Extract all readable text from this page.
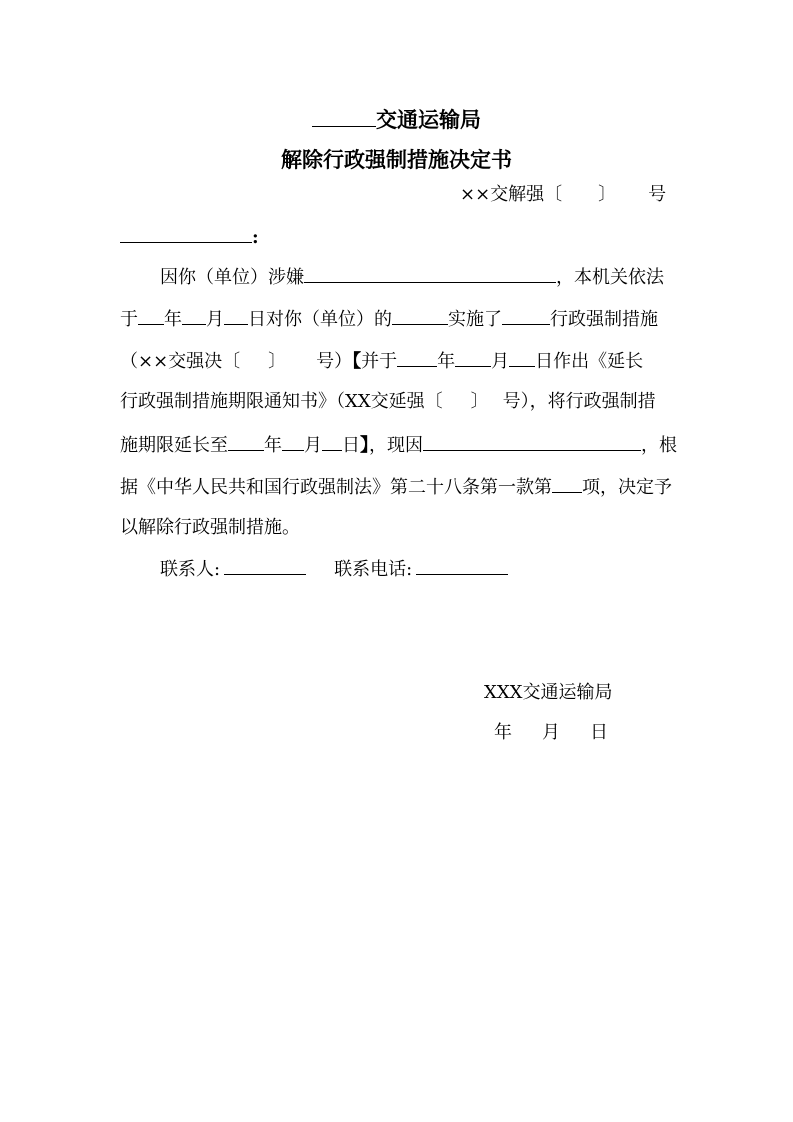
交通运输局
解除行政强制措施决定书
××交解强〔 〕 号
:
因你（单位）涉嫌	，本机关依法
于 年 月 日对你（单位）的	实施了	行政强制措施
（××交强决〔 〕 号）【并于 年 月 日作出《延长
行政强制措施期限通知书》（XX交延强〔 〕 号），将行政强制措
施期限延长至 年 月 日】，现因	，根
据《中华人民共和国行政强制法》第二十八条第一款第 项，决定予
以解除行政强制措施。
联系人:	联系电话:
XXX交通运输局
年 月 日
